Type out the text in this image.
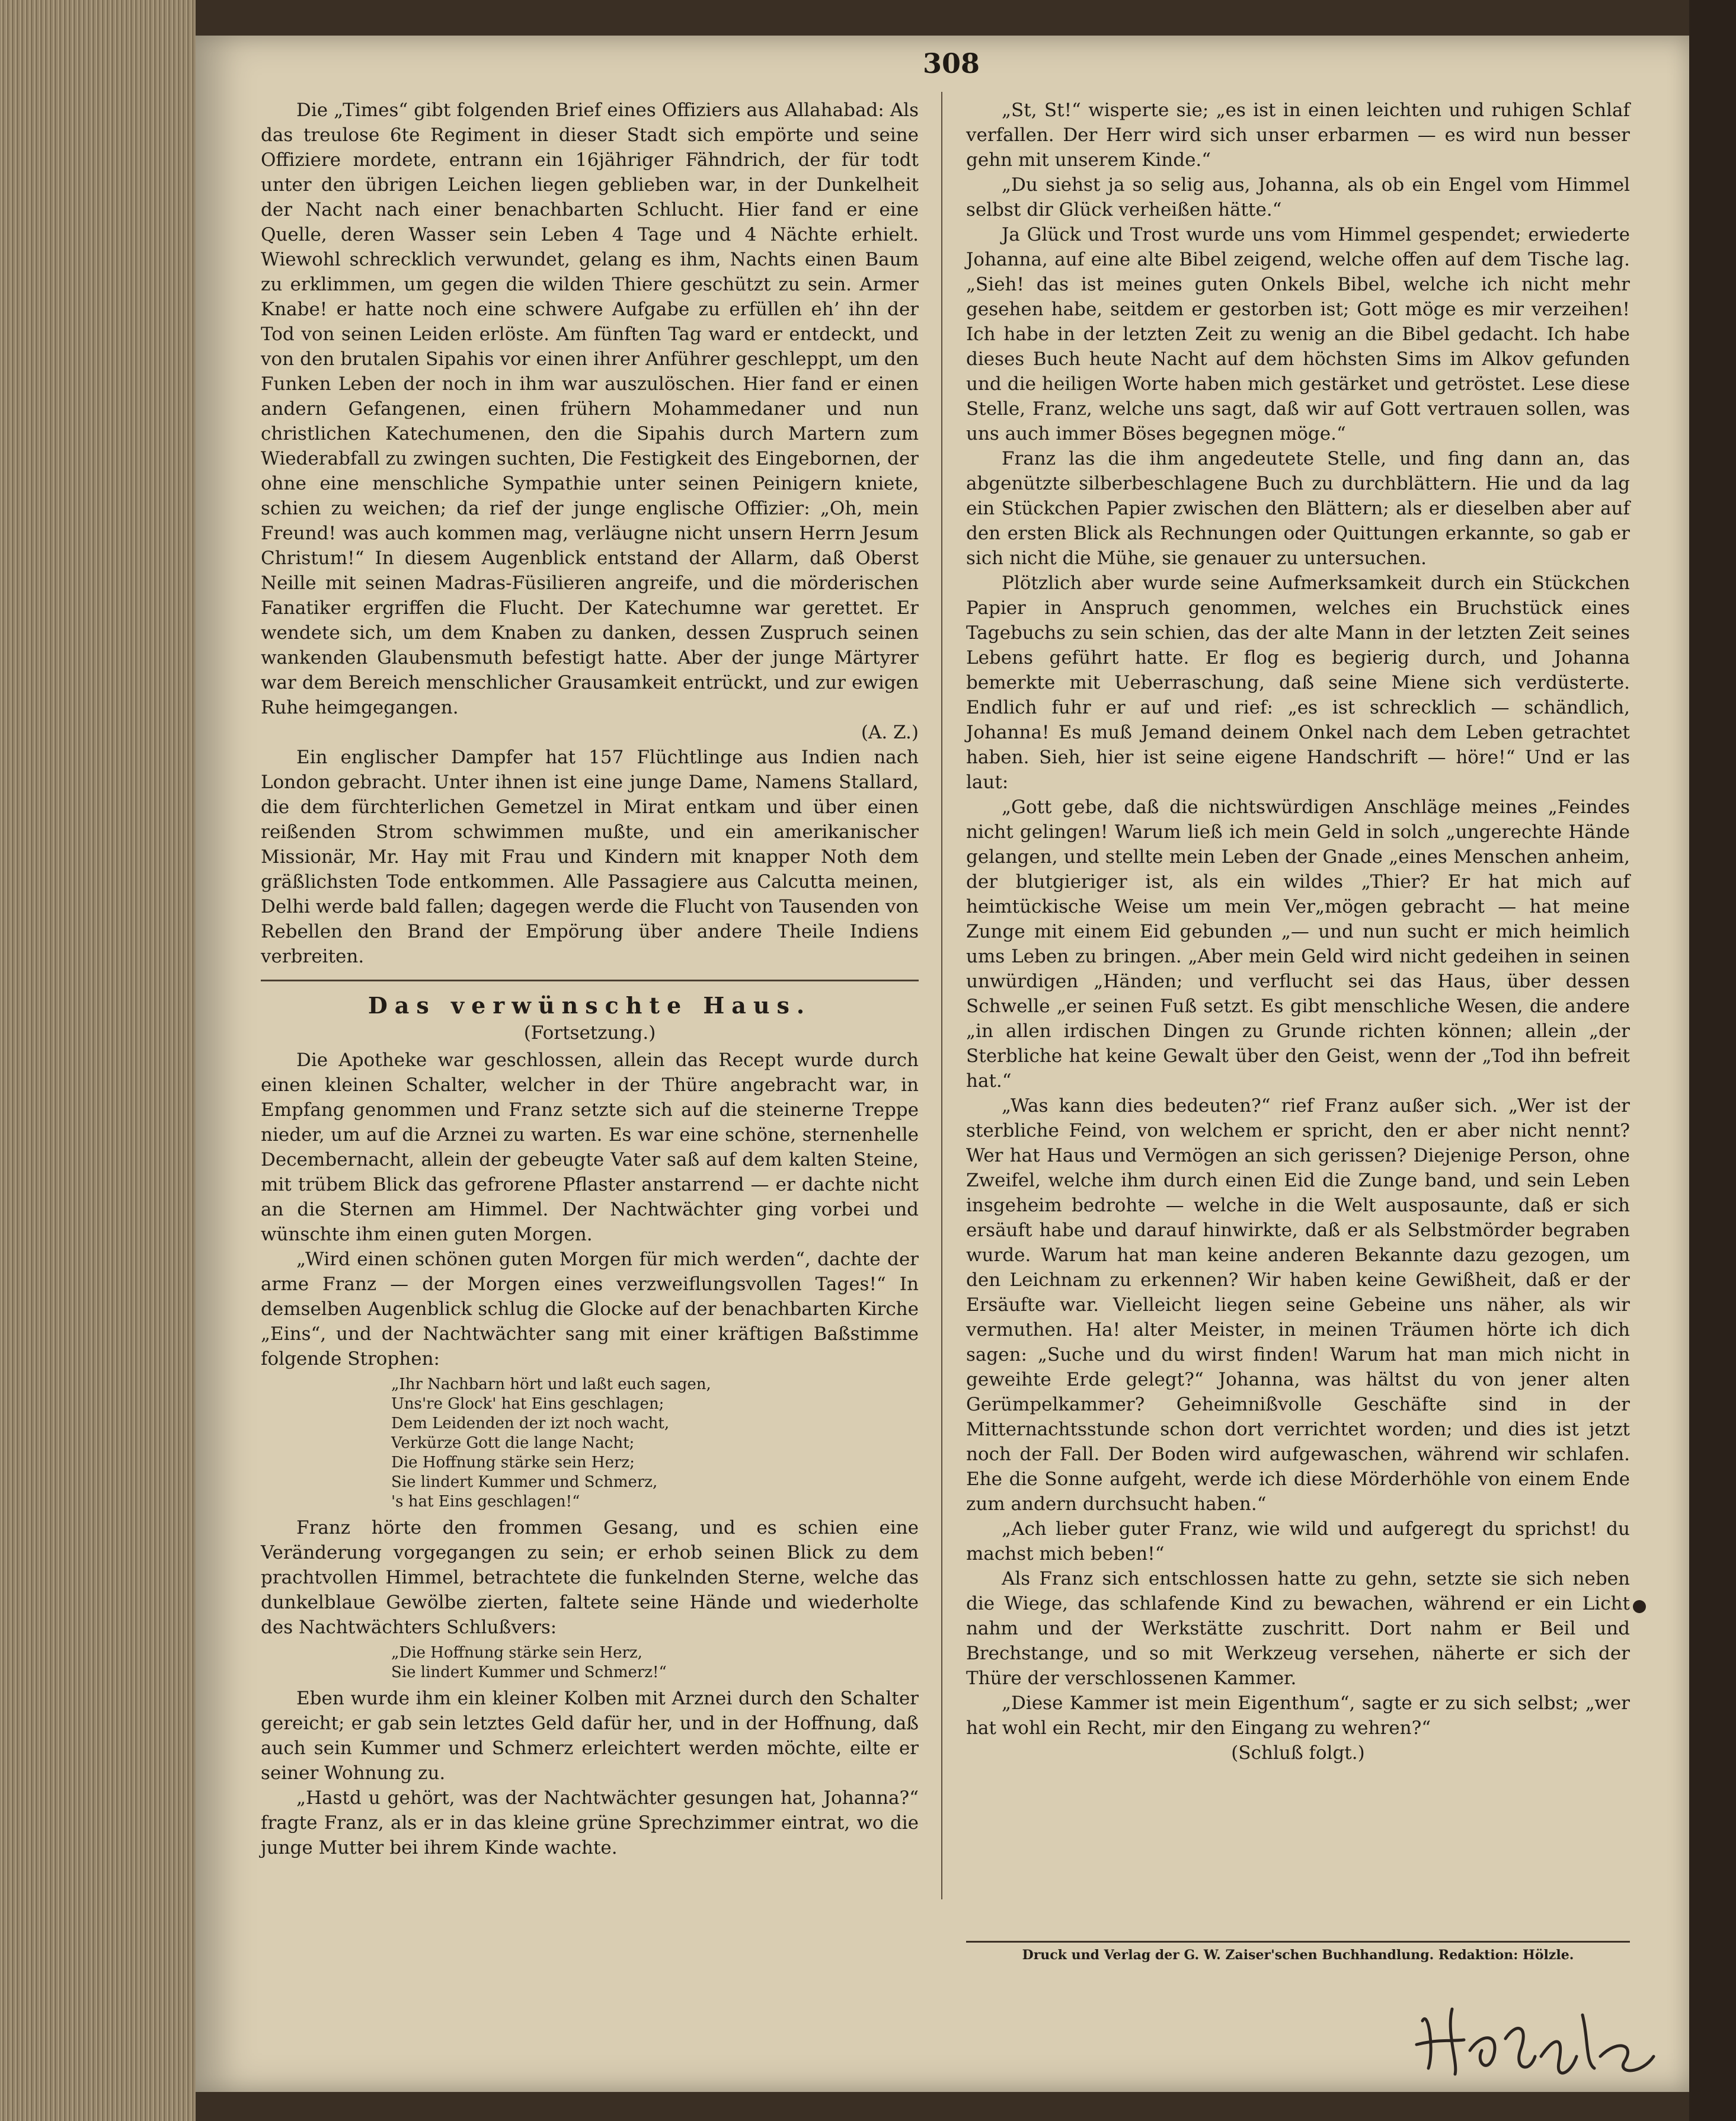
308

Die „Times“ gibt folgenden Brief eines Offiziers aus Allahabad: Als das treulose 6te Regiment in dieser Stadt sich empörte und seine Offiziere mordete, entrann ein 16jähriger Fähndrich, der für todt unter den übrigen Leichen liegen geblieben war, in der Dunkelheit der Nacht nach einer benachbarten Schlucht. Hier fand er eine Quelle, deren Wasser sein Leben 4 Tage und 4 Nächte erhielt. Wiewohl schrecklich verwundet, gelang es ihm, Nachts einen Baum zu erklimmen, um gegen die wilden Thiere geschützt zu sein. Armer Knabe! er hatte noch eine schwere Aufgabe zu erfüllen eh’ ihn der Tod von seinen Leiden erlöste. Am fünften Tag ward er entdeckt, und von den brutalen Sipahis vor einen ihrer Anführer geschleppt, um den Funken Leben der noch in ihm war auszulöschen. Hier fand er einen andern Gefangenen, einen frühern Mohammedaner und nun christlichen Katechumenen, den die Sipahis durch Martern zum Wiederabfall zu zwingen suchten, Die Festigkeit des Eingebornen, der ohne eine menschliche Sympathie unter seinen Peinigern kniete, schien zu weichen; da rief der junge englische Offizier: „Oh, mein Freund! was auch kommen mag, verläugne nicht unsern Herrn Jesum Christum!“ In diesem Augenblick entstand der Allarm, daß Oberst Neille mit seinen Madras-Füsilieren angreife, und die mörderischen Fanatiker ergriffen die Flucht. Der Katechumne war gerettet. Er wendete sich, um dem Knaben zu danken, dessen Zuspruch seinen wankenden Glaubensmuth befestigt hatte. Aber der junge Märtyrer war dem Bereich menschlicher Grausamkeit entrückt, und zur ewigen Ruhe heimgegangen.

(A. Z.)

Ein englischer Dampfer hat 157 Flüchtlinge aus Indien nach London gebracht. Unter ihnen ist eine junge Dame, Namens Stallard, die dem fürchterlichen Gemetzel in Mirat entkam und über einen reißenden Strom schwimmen mußte, und ein amerikanischer Missionär, Mr. Hay mit Frau und Kindern mit knapper Noth dem gräßlichsten Tode entkommen. Alle Passagiere aus Calcutta meinen, Delhi werde bald fallen; dagegen werde die Flucht von Tausenden von Rebellen den Brand der Empörung über andere Theile Indiens verbreiten.

Das verwünschte Haus.
(Fortsetzung.)

Die Apotheke war geschlossen, allein das Recept wurde durch einen kleinen Schalter, welcher in der Thüre angebracht war, in Empfang genommen und Franz setzte sich auf die steinerne Treppe nieder, um auf die Arznei zu warten. Es war eine schöne, sternenhelle Decembernacht, allein der gebeugte Vater saß auf dem kalten Steine, mit trübem Blick das gefrorene Pflaster anstarrend — er dachte nicht an die Sternen am Himmel. Der Nachtwächter ging vorbei und wünschte ihm einen guten Morgen.

„Wird einen schönen guten Morgen für mich werden“, dachte der arme Franz — der Morgen eines verzweiflungsvollen Tages!“ In demselben Augenblick schlug die Glocke auf der benachbarten Kirche „Eins“, und der Nachtwächter sang mit einer kräftigen Baßstimme folgende Strophen:

„Ihr Nachbarn hört und laßt euch sagen,
Uns're Glock' hat Eins geschlagen;
Dem Leidenden der izt noch wacht,
Verkürze Gott die lange Nacht;
Die Hoffnung stärke sein Herz;
Sie lindert Kummer und Schmerz,
's hat Eins geschlagen!“

Franz hörte den frommen Gesang, und es schien eine Veränderung vorgegangen zu sein; er erhob seinen Blick zu dem prachtvollen Himmel, betrachtete die funkelnden Sterne, welche das dunkelblaue Gewölbe zierten, faltete seine Hände und wiederholte des Nachtwächters Schlußvers:

„Die Hoffnung stärke sein Herz,
Sie lindert Kummer und Schmerz!“

Eben wurde ihm ein kleiner Kolben mit Arznei durch den Schalter gereicht; er gab sein letztes Geld dafür her, und in der Hoffnung, daß auch sein Kummer und Schmerz erleichtert werden möchte, eilte er seiner Wohnung zu.

„Hastd u gehört, was der Nachtwächter gesungen hat, Johanna?“ fragte Franz, als er in das kleine grüne Sprechzimmer eintrat, wo die junge Mutter bei ihrem Kinde wachte.

„St, St!“ wisperte sie; „es ist in einen leichten und ruhigen Schlaf verfallen. Der Herr wird sich unser erbarmen — es wird nun besser gehn mit unserem Kinde.“

„Du siehst ja so selig aus, Johanna, als ob ein Engel vom Himmel selbst dir Glück verheißen hätte.“

Ja Glück und Trost wurde uns vom Himmel gespendet; erwiederte Johanna, auf eine alte Bibel zeigend, welche offen auf dem Tische lag. „Sieh! das ist meines guten Onkels Bibel, welche ich nicht mehr gesehen habe, seitdem er gestorben ist; Gott möge es mir verzeihen! Ich habe in der letzten Zeit zu wenig an die Bibel gedacht. Ich habe dieses Buch heute Nacht auf dem höchsten Sims im Alkov gefunden und die heiligen Worte haben mich gestärket und getröstet. Lese diese Stelle, Franz, welche uns sagt, daß wir auf Gott vertrauen sollen, was uns auch immer Böses begegnen möge.“

Franz las die ihm angedeutete Stelle, und fing dann an, das abgenützte silberbeschlagene Buch zu durchblättern. Hie und da lag ein Stückchen Papier zwischen den Blättern; als er dieselben aber auf den ersten Blick als Rechnungen oder Quittungen erkannte, so gab er sich nicht die Mühe, sie genauer zu untersuchen.

Plötzlich aber wurde seine Aufmerksamkeit durch ein Stückchen Papier in Anspruch genommen, welches ein Bruchstück eines Tagebuchs zu sein schien, das der alte Mann in der letzten Zeit seines Lebens geführt hatte. Er flog es begierig durch, und Johanna bemerkte mit Ueberraschung, daß seine Miene sich verdüsterte. Endlich fuhr er auf und rief: „es ist schrecklich — schändlich, Johanna! Es muß Jemand deinem Onkel nach dem Leben getrachtet haben. Sieh, hier ist seine eigene Handschrift — höre!“ Und er las laut:

„Gott gebe, daß die nichtswürdigen Anschläge meines „Feindes nicht gelingen! Warum ließ ich mein Geld in solch „ungerechte Hände gelangen, und stellte mein Leben der Gnade „eines Menschen anheim, der blutgieriger ist, als ein wildes „Thier? Er hat mich auf heimtückische Weise um mein Ver„mögen gebracht — hat meine Zunge mit einem Eid gebunden „— und nun sucht er mich heimlich ums Leben zu bringen. „Aber mein Geld wird nicht gedeihen in seinen unwürdigen „Händen; und verflucht sei das Haus, über dessen Schwelle „er seinen Fuß setzt. Es gibt menschliche Wesen, die andere „in allen irdischen Dingen zu Grunde richten können; allein „der Sterbliche hat keine Gewalt über den Geist, wenn der „Tod ihn befreit hat.“

„Was kann dies bedeuten?“ rief Franz außer sich. „Wer ist der sterbliche Feind, von welchem er spricht, den er aber nicht nennt? Wer hat Haus und Vermögen an sich gerissen? Diejenige Person, ohne Zweifel, welche ihm durch einen Eid die Zunge band, und sein Leben insgeheim bedrohte — welche in die Welt ausposaunte, daß er sich ersäuft habe und darauf hinwirkte, daß er als Selbstmörder begraben wurde. Warum hat man keine anderen Bekannte dazu gezogen, um den Leichnam zu erkennen? Wir haben keine Gewißheit, daß er der Ersäufte war. Vielleicht liegen seine Gebeine uns näher, als wir vermuthen. Ha! alter Meister, in meinen Träumen hörte ich dich sagen: „Suche und du wirst finden! Warum hat man mich nicht in geweihte Erde gelegt?“ Johanna, was hältst du von jener alten Gerümpelkammer? Geheimnißvolle Geschäfte sind in der Mitternachtsstunde schon dort verrichtet worden; und dies ist jetzt noch der Fall. Der Boden wird aufgewaschen, während wir schlafen. Ehe die Sonne aufgeht, werde ich diese Mörderhöhle von einem Ende zum andern durchsucht haben.“

„Ach lieber guter Franz, wie wild und aufgeregt du sprichst! du machst mich beben!“

Als Franz sich entschlossen hatte zu gehn, setzte sie sich neben die Wiege, das schlafende Kind zu bewachen, während er ein Licht nahm und der Werkstätte zuschritt. Dort nahm er Beil und Brechstange, und so mit Werkzeug versehen, näherte er sich der Thüre der verschlossenen Kammer.

„Diese Kammer ist mein Eigenthum“, sagte er zu sich selbst; „wer hat wohl ein Recht, mir den Eingang zu wehren?“

(Schluß folgt.)
Druck und Verlag der G. W. Zaiser'schen Buchhandlung. Redaktion: Hölzle.
